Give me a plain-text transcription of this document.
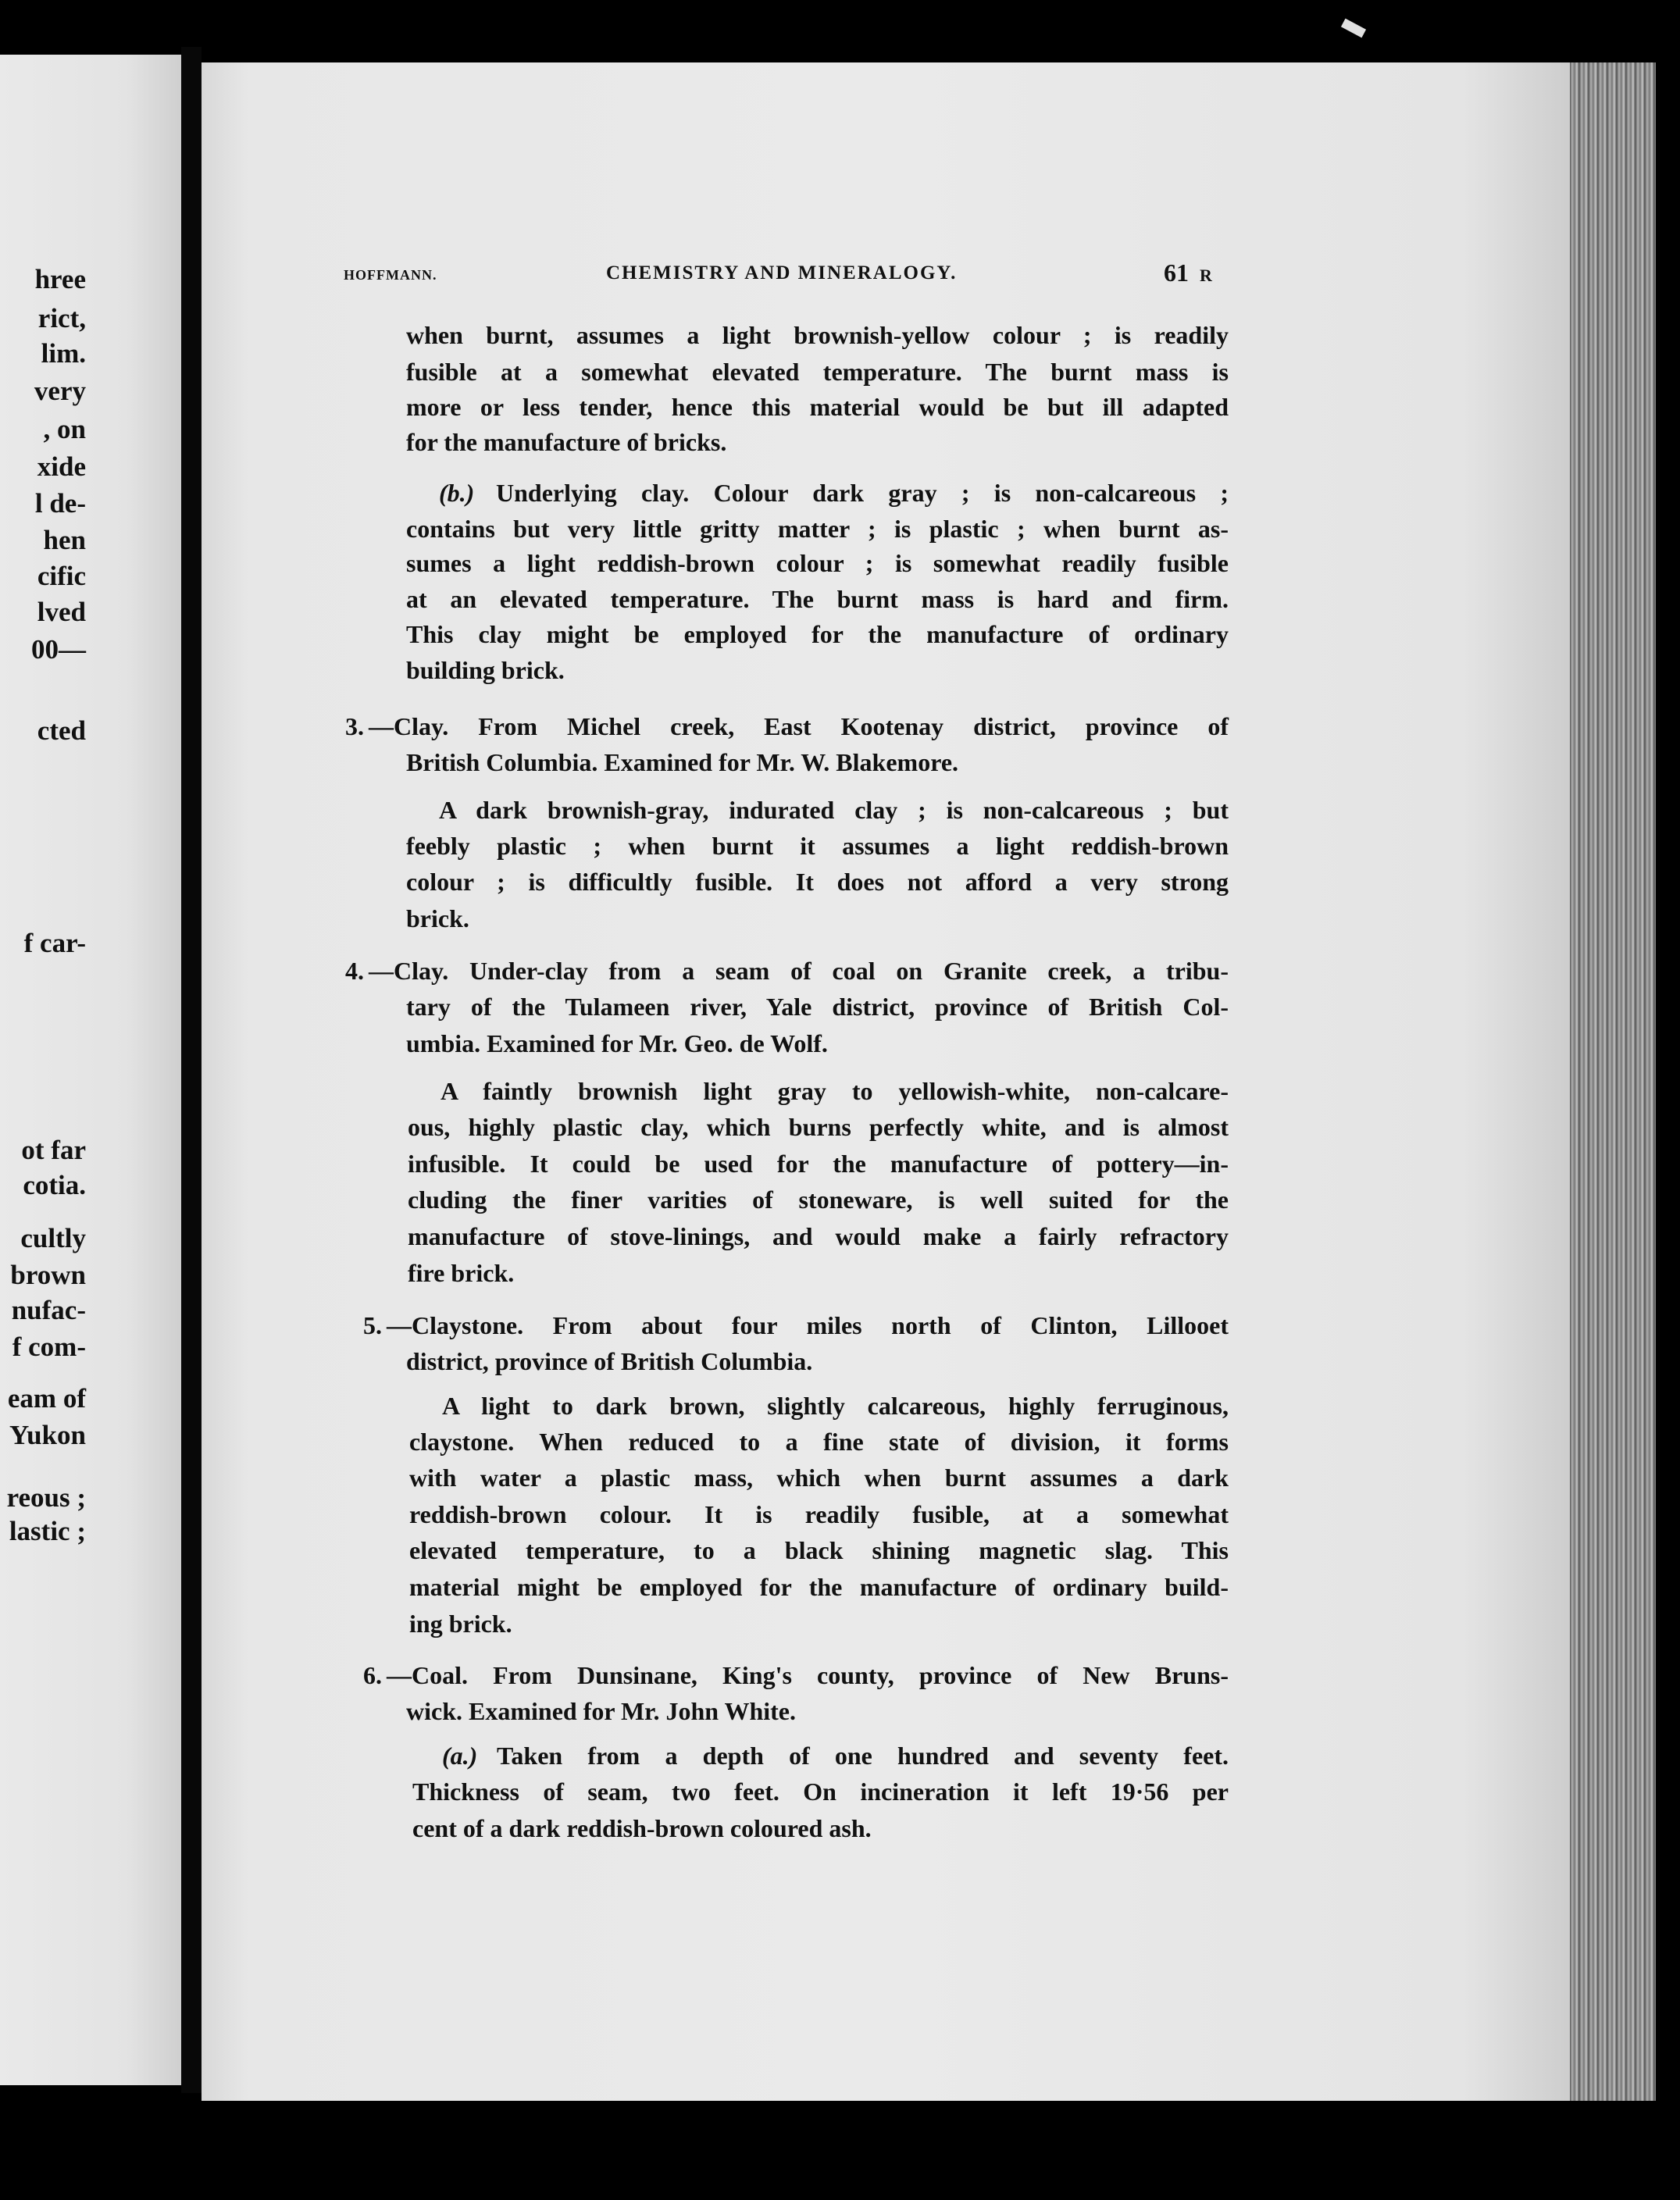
hree
rict,
lim.
very
, on
xide
l de-
hen
cific
lved
00—
cted
f car-
ot far
cotia.
cultly
brown
nufac-
f com-
eam of
Yukon
reous ;
lastic ;
HOFFMANN.	CHEMISTRY AND MINERALOGY.	61 R
when burnt, assumes a light brownish-yellow colour ; is readily
fusible at a somewhat elevated temperature. The burnt mass is
more or less tender, hence this material would be but ill adapted
for the manufacture of bricks.
(b.) Underlying clay. Colour dark gray ; is non-calcareous ;
contains but very little gritty matter ; is plastic ; when burnt as-
sumes a light reddish-brown colour ; is somewhat readily fusible
at an elevated temperature. The burnt mass is hard and firm.
This clay might be employed for the manufacture of ordinary
building brick.
3. —Clay. From Michel creek, East Kootenay district, province of
British Columbia. Examined for Mr. W. Blakemore.
A dark brownish-gray, indurated clay ; is non-calcareous ; but
feebly plastic ; when burnt it assumes a light reddish-brown
colour ; is difficultly fusible. It does not afford a very strong
brick.
4. —Clay. Under-clay from a seam of coal on Granite creek, a tribu-
tary of the Tulameen river, Yale district, province of British Col-
umbia. Examined for Mr. Geo. de Wolf.
A faintly brownish light gray to yellowish-white, non-calcare-
ous, highly plastic clay, which burns perfectly white, and is almost
infusible. It could be used for the manufacture of pottery—in-
cluding the finer varities of stoneware, is well suited for the
manufacture of stove-linings, and would make a fairly refractory
fire brick.
5. —Claystone. From about four miles north of Clinton, Lillooet
district, province of British Columbia.
A light to dark brown, slightly calcareous, highly ferruginous,
claystone. When reduced to a fine state of division, it forms
with water a plastic mass, which when burnt assumes a dark
reddish-brown colour. It is readily fusible, at a somewhat
elevated temperature, to a black shining magnetic slag. This
material might be employed for the manufacture of ordinary build-
ing brick.
6. —Coal. From Dunsinane, King's county, province of New Bruns-
wick. Examined for Mr. John White.
(a.) Taken from a depth of one hundred and seventy feet.
Thickness of seam, two feet. On incineration it left 19·56 per
cent of a dark reddish-brown coloured ash.
